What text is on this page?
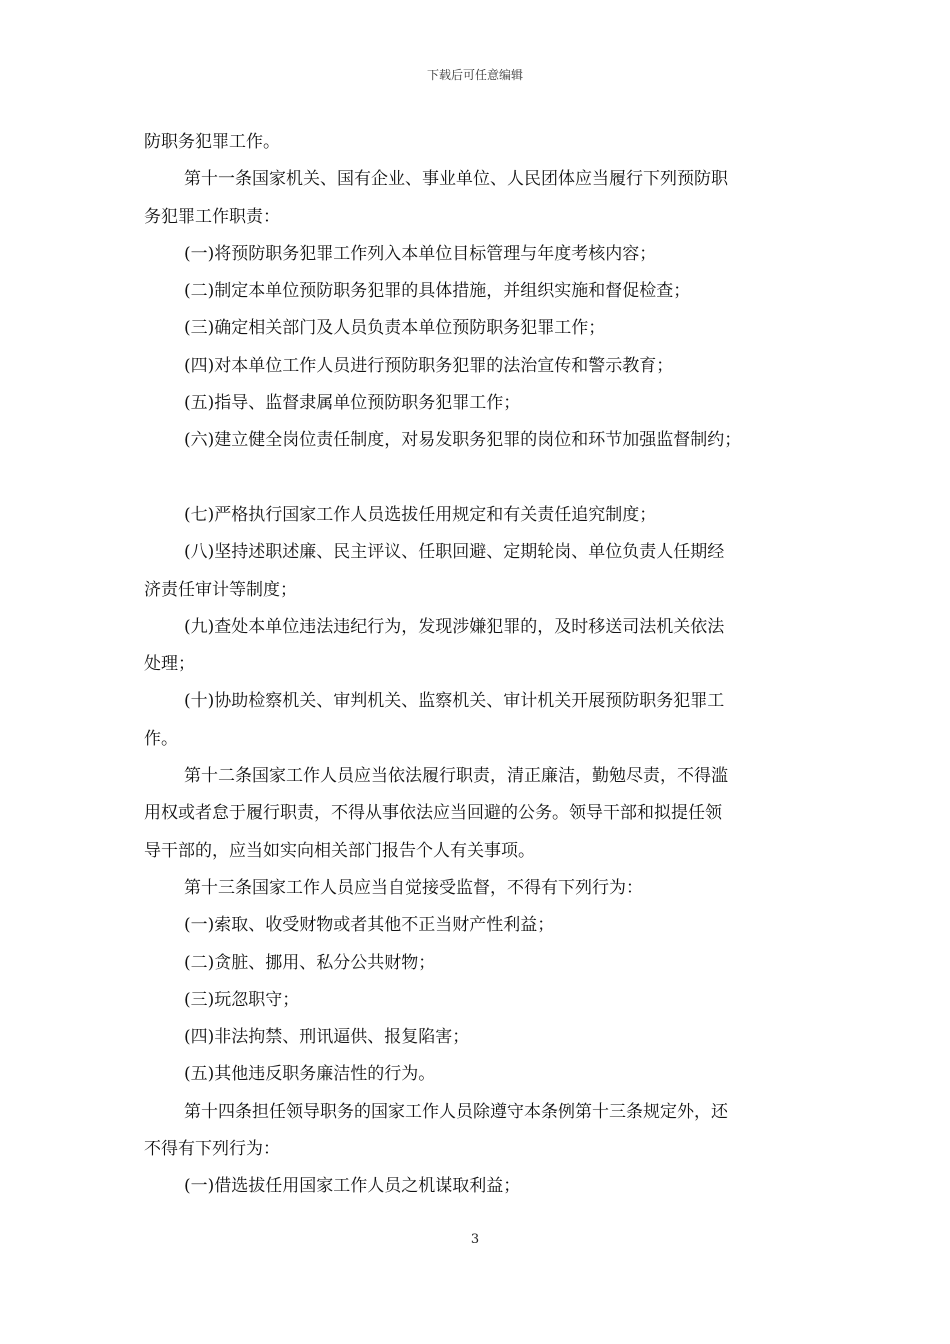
下载后可任意编辑
防职务犯罪工作。
第十一条国家机关、国有企业、事业单位、人民团体应当履行下列预防职
务犯罪工作职责：
(一)将预防职务犯罪工作列入本单位目标管理与年度考核内容；
(二)制定本单位预防职务犯罪的具体措施，并组织实施和督促检查；
(三)确定相关部门及人员负责本单位预防职务犯罪工作；
(四)对本单位工作人员进行预防职务犯罪的法治宣传和警示教育；
(五)指导、监督隶属单位预防职务犯罪工作；
(六)建立健全岗位责任制度，对易发职务犯罪的岗位和环节加强监督制约；
(七)严格执行国家工作人员选拔任用规定和有关责任追究制度；
(八)坚持述职述廉、民主评议、任职回避、定期轮岗、单位负责人任期经
济责任审计等制度；
(九)查处本单位违法违纪行为，发现涉嫌犯罪的，及时移送司法机关依法
处理；
(十)协助检察机关、审判机关、监察机关、审计机关开展预防职务犯罪工
作。
第十二条国家工作人员应当依法履行职责，清正廉洁，勤勉尽责，不得滥
用权或者怠于履行职责，不得从事依法应当回避的公务。领导干部和拟提任领
导干部的，应当如实向相关部门报告个人有关事项。
第十三条国家工作人员应当自觉接受监督，不得有下列行为：
(一)索取、收受财物或者其他不正当财产性利益；
(二)贪脏、挪用、私分公共财物；
(三)玩忽职守；
(四)非法拘禁、刑讯逼供、报复陷害；
(五)其他违反职务廉洁性的行为。
第十四条担任领导职务的国家工作人员除遵守本条例第十三条规定外，还
不得有下列行为：
(一)借选拔任用国家工作人员之机谋取利益；
3
